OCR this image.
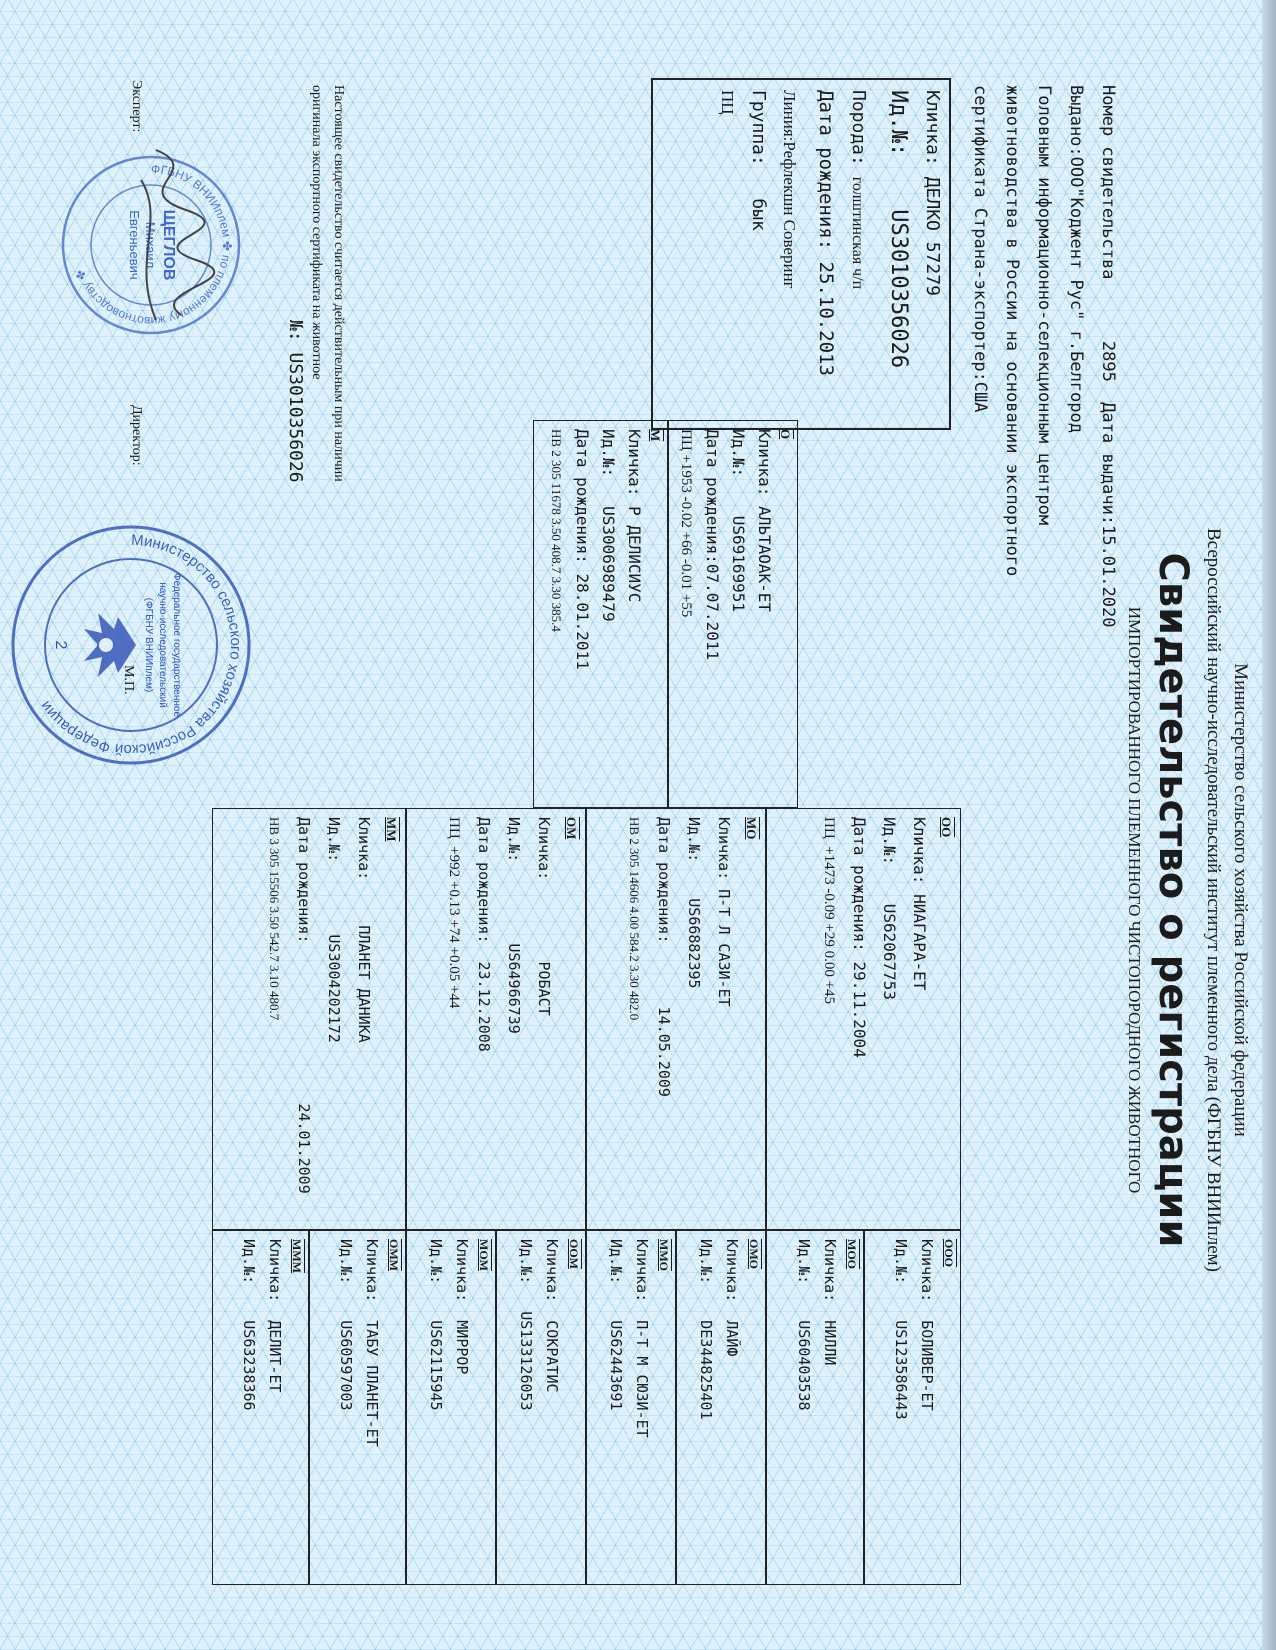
Министерство сельского хозяйства Российской федерации
Всероссийский научно-исследовательский институт племенного дела (ФГБНУ ВНИИплем)
Свидетельство о регистрации
ИМПОРТИРОВАННОГО ПЛЕМЕННОГО ЧИСТОПОРОДНОГО ЖИВОТНОГО
Номер свидетельства      2895  Дата выдачи:15.01.2020
Выдано:ООО"Коджент Рус" г.Белгород
Головным информационно-селекционным центром
животноводства в России на основании экспортного
сертификата Страна-экспортер:США
Кличка: ДЕЛКО 57279
Ид.№:    US3010356026
Порода: голштинская ч/п
Дата рождения: 25.10.2013
Линия:Рефлекшн Соверинг
Группа:   бык
ПЦ
О
Кличка: АЛЬТАОАК-ЕТ
Ид.№:    US69169951
Дата рождения:07.07.2011
ПЦ +1953 -0.02 +66 -0.01 +55
М
Кличка: Р ДЕЛИСИУС
Ид.№:   US3006989479
Дата рождения: 28.01.2011
НВ 2 305 11678 3.50 408.7 3.30 385.4
ОО
Кличка: НИАГАРА-ЕТ
Ид.№:    US62067753
Дата рождения: 29.11.2004
ПЦ  +1473 -0.09 +29 0.00 +45
МО
Кличка: П-Т Л САЗИ-ЕТ
Ид.№:    US66882395
Дата рождения:       14.05.2009
НВ 2 305 14606 4.00 584.2 3.30 482.0
ОМ
Кличка:         РОБАСТ
Ид.№:         US64966739
Дата рождения:  23.12.2008
ПЦ  +992 +0.13 +74 +0.05 +44
ММ
Кличка:     ПЛАНЕТ ДАНИКА
Ид.№:        US3004202172
Дата рождения:24.01.2009
НВ 3 305 15506 3.50 542.7 3.10 480.7
ООО
Кличка:  БОЛИВЕР-ЕТ
Ид.№:    US123586443
МОО
Кличка:  НИЛЛИ
Ид.№:    US60403538
ОМО
Кличка:  ЛАЙФ
Ид.№:    DE344825401
ММО
Кличка:  П-Т М СЮЗИ-ЕТ
Ид.№:    US62443691
ООМ
Кличка:  СОКРАТИС
Ид.№:   US133126053
МОМ
Кличка:  МИРРОР
Ид.№:    US62115945
ОММ
Кличка:  ТАБУ ПЛАНЕТ-ЕТ
Ид.№:    US60597003
МММ
Кличка:  ДЕЛИТ-ЕТ
Ид.№:    US63238366
Настоящее свидетельство считается действительным при наличии
оригинала экспортного сертификата на животное
№: US3010356026
Эксперт:
Директор:
М.П.
ФГБНУ ВНИИплем ✤ по племенному животноводству ✤	ЩЕГЛОВ
Михаил
Евгеньевич
Министерство сельского хозяйства Российской Федерации	Федеральное государственное
научно-исследовательский
(ФГБНУ ВНИИплем)
2
